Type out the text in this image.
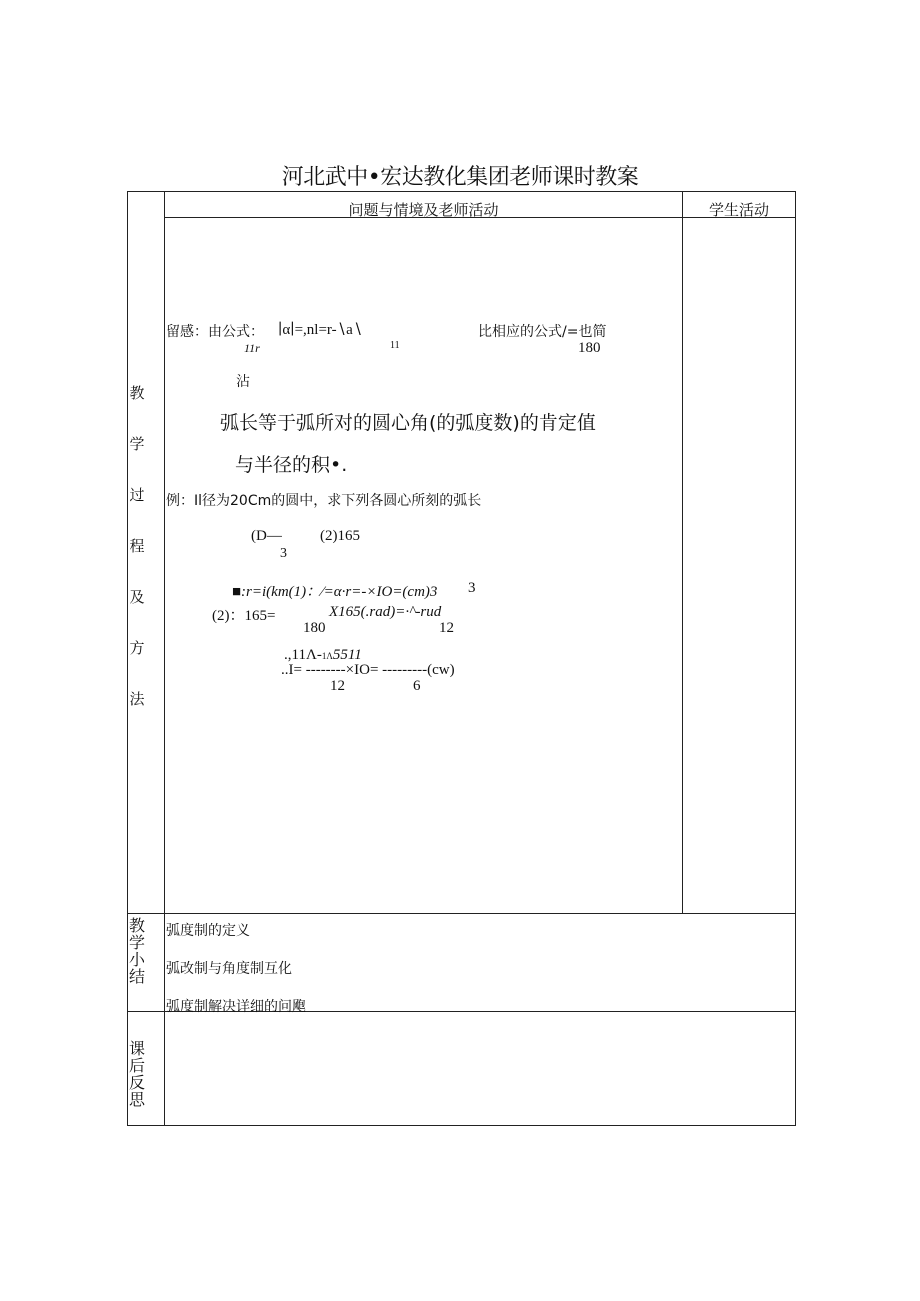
河北武中•宏达教化集团老师课时教案
问题与情境及老师活动	学生活动
教
学
过
程
及
方
法
留感：由公式： ∣α∣=,nl=r-∖a∖
11r	11
比相应的公式/=也简
180
沾
弧长等于弧所对的圆心角(的弧度数)的肯定值
与半径的积•.
例：Il径为20Cm的圆中，求下列各圆心所刻的弧长
(D—
3
(2)165
■:r=i(km(1)：⁄=α·r=-×IO=(cm)3 3
(2)：165=
180
X165(.rad)=·^-rud
12
.,11Λ-1Λ5511
..I= --------×IO= ---------(cw)
12	6
教学小结
弧度制的定义
弧改制与角度制互化
弧度制解决详细的问飑
课后反思
